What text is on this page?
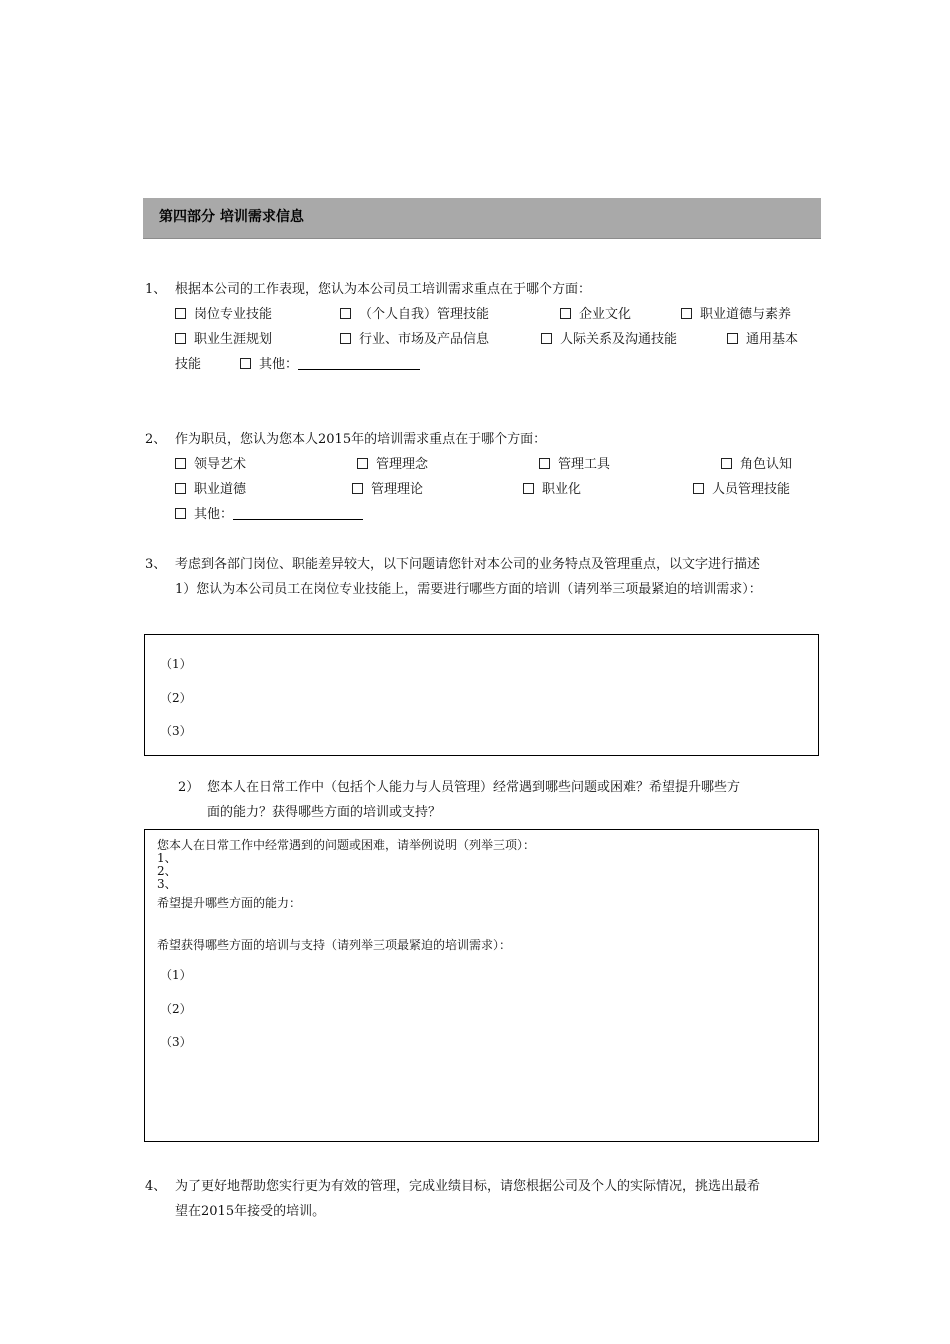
第四部分 培训需求信息
1、 根据本公司的工作表现，您认为本公司员工培训需求重点在于哪个方面：
岗位专业技能	（个人自我）管理技能	企业文化	职业道德与素养
职业生涯规划	行业、市场及产品信息	人际关系及沟通技能	通用基本
技能	其他：
2、 作为职员，您认为您本人2015年的培训需求重点在于哪个方面：
领导艺术	管理理念	管理工具	角色认知
职业道德	管理理论	职业化	人员管理技能
其他：
3、 考虑到各部门岗位、职能差异较大，以下问题请您针对本公司的业务特点及管理重点，以文字进行描述
1）您认为本公司员工在岗位专业技能上，需要进行哪些方面的培训（请列举三项最紧迫的培训需求）：
（1）
（2）
（3）
2） 您本人在日常工作中（包括个人能力与人员管理）经常遇到哪些问题或困难？希望提升哪些方
面的能力？获得哪些方面的培训或支持？
您本人在日常工作中经常遇到的问题或困难，请举例说明（列举三项）：
1、
2、
3、
希望提升哪些方面的能力：
希望获得哪些方面的培训与支持（请列举三项最紧迫的培训需求）：
（1）
（2）
（3）
4、 为了更好地帮助您实行更为有效的管理，完成业绩目标，请您根据公司及个人的实际情况，挑选出最希
望在2015年接受的培训。
